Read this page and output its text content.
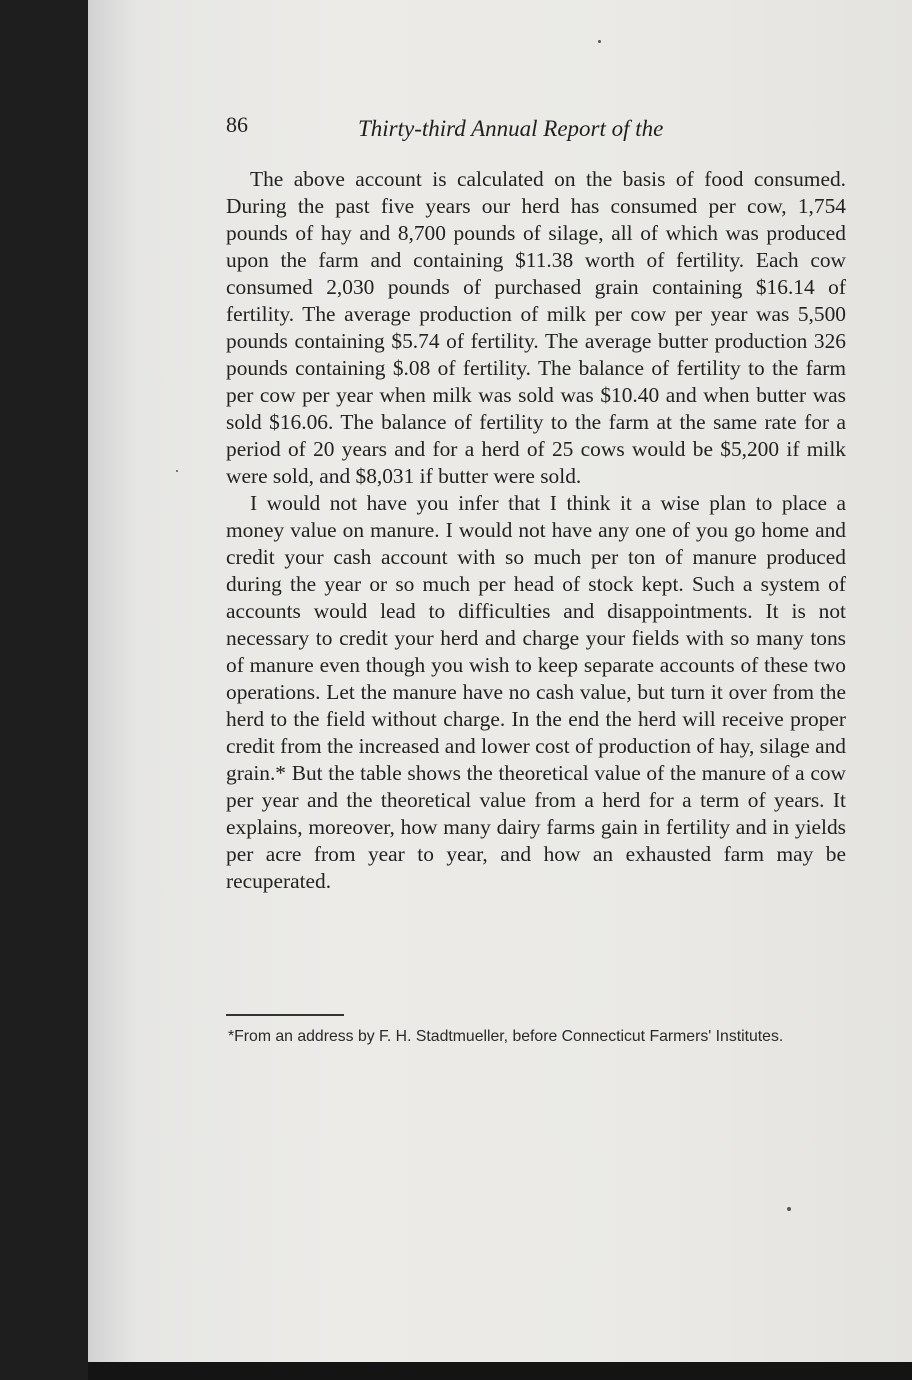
86	Thirty-third Annual Report of the

The above account is calculated on the basis of food consumed. During the past five years our herd has consumed per cow, 1,754 pounds of hay and 8,700 pounds of silage, all of which was produced upon the farm and containing $11.38 worth of fertility. Each cow consumed 2,030 pounds of purchased grain containing $16.14 of fertility. The average production of milk per cow per year was 5,500 pounds containing $5.74 of fertility. The average butter production 326 pounds containing $.08 of fertility. The balance of fertility to the farm per cow per year when milk was sold was $10.40 and when butter was sold $16.06. The balance of fertility to the farm at the same rate for a period of 20 years and for a herd of 25 cows would be $5,200 if milk were sold, and $8,031 if butter were sold.

I would not have you infer that I think it a wise plan to place a money value on manure. I would not have any one of you go home and credit your cash account with so much per ton of manure produced during the year or so much per head of stock kept. Such a system of accounts would lead to difficulties and disappointments. It is not necessary to credit your herd and charge your fields with so many tons of manure even though you wish to keep separate accounts of these two operations. Let the manure have no cash value, but turn it over from the herd to the field without charge. In the end the herd will receive proper credit from the increased and lower cost of production of hay, silage and grain.* But the table shows the theoretical value of the manure of a cow per year and the theoretical value from a herd for a term of years. It explains, moreover, how many dairy farms gain in fertility and in yields per acre from year to year, and how an exhausted farm may be recuperated.

*From an address by F. H. Stadtmueller, before Connecticut Farmers' Institutes.
